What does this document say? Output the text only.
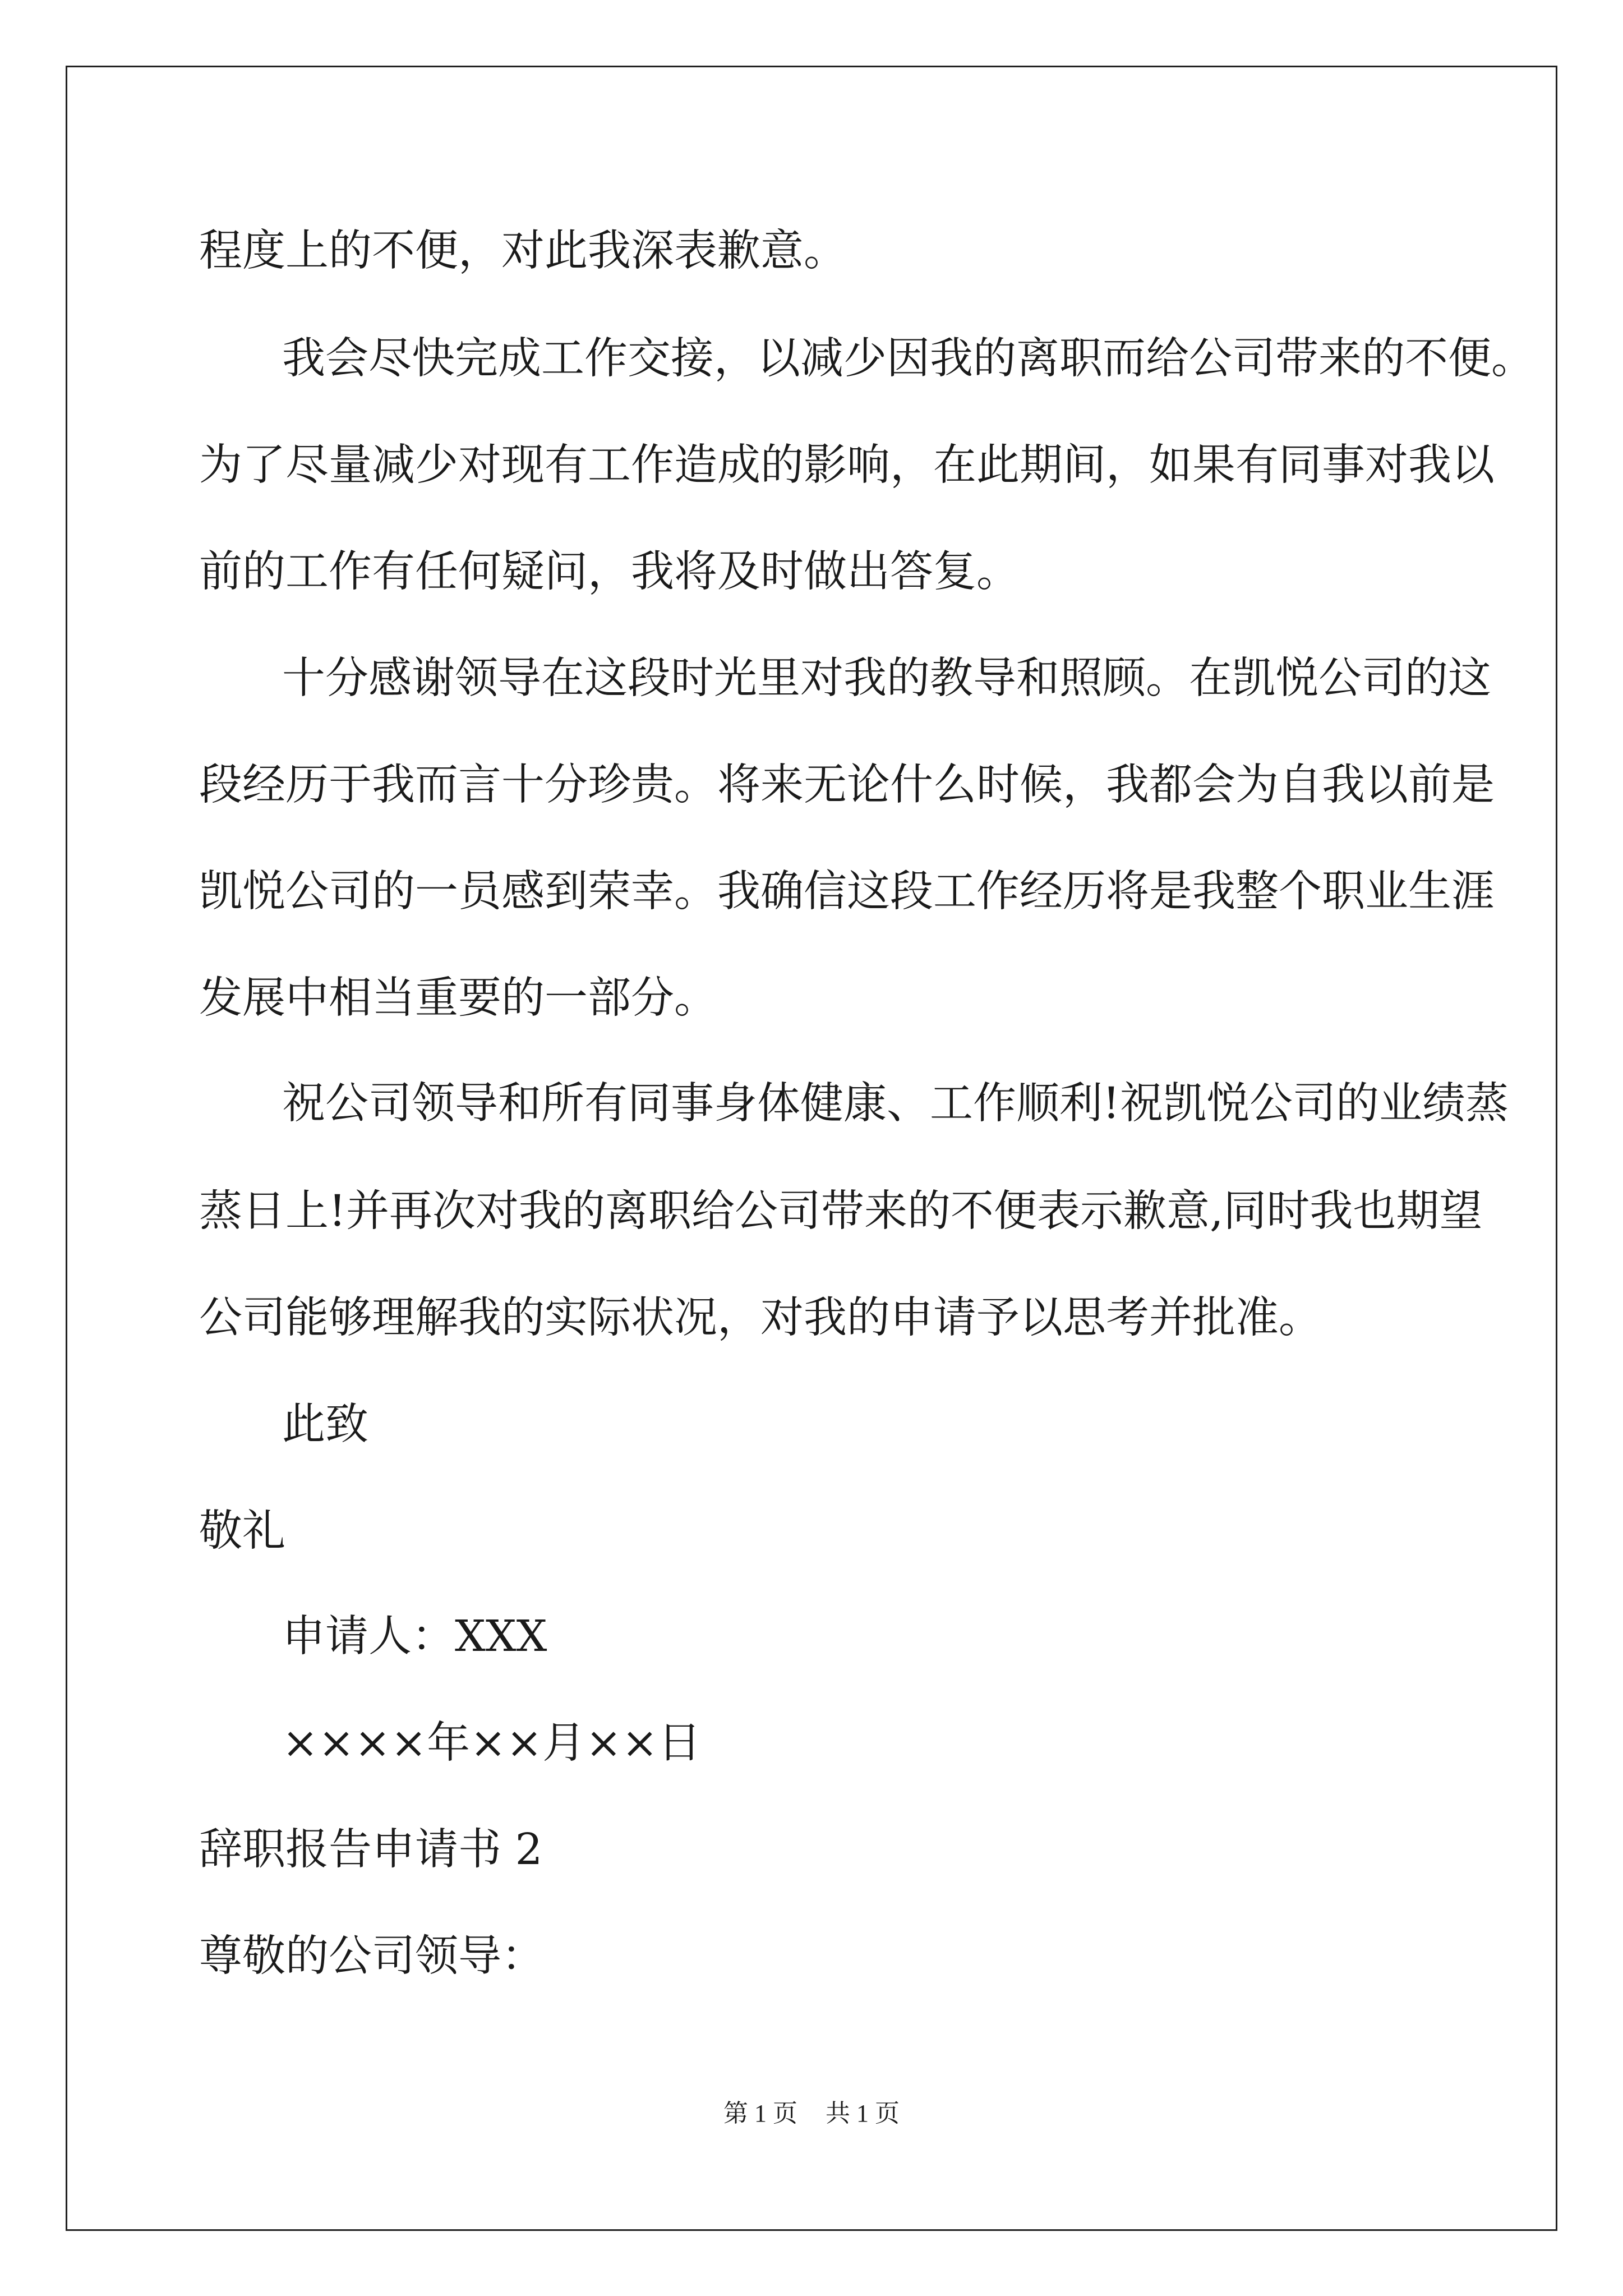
程度上的不便，对此我深表歉意。
我会尽快完成工作交接，以减少因我的离职而给公司带来的不便。
为了尽量减少对现有工作造成的影响，在此期间，如果有同事对我以
前的工作有任何疑问，我将及时做出答复。
十分感谢领导在这段时光里对我的教导和照顾。在凯悦公司的这
段经历于我而言十分珍贵。将来无论什么时候，我都会为自我以前是
凯悦公司的一员感到荣幸。我确信这段工作经历将是我整个职业生涯
发展中相当重要的一部分。
祝公司领导和所有同事身体健康、工作顺利!祝凯悦公司的业绩蒸
蒸日上!并再次对我的离职给公司带来的不便表示歉意,同时我也期望
公司能够理解我的实际状况，对我的申请予以思考并批准。
此致
敬礼
申请人：XXX
××××年××月××日
辞职报告申请书 2
尊敬的公司领导：
第 1 页 共 1 页
